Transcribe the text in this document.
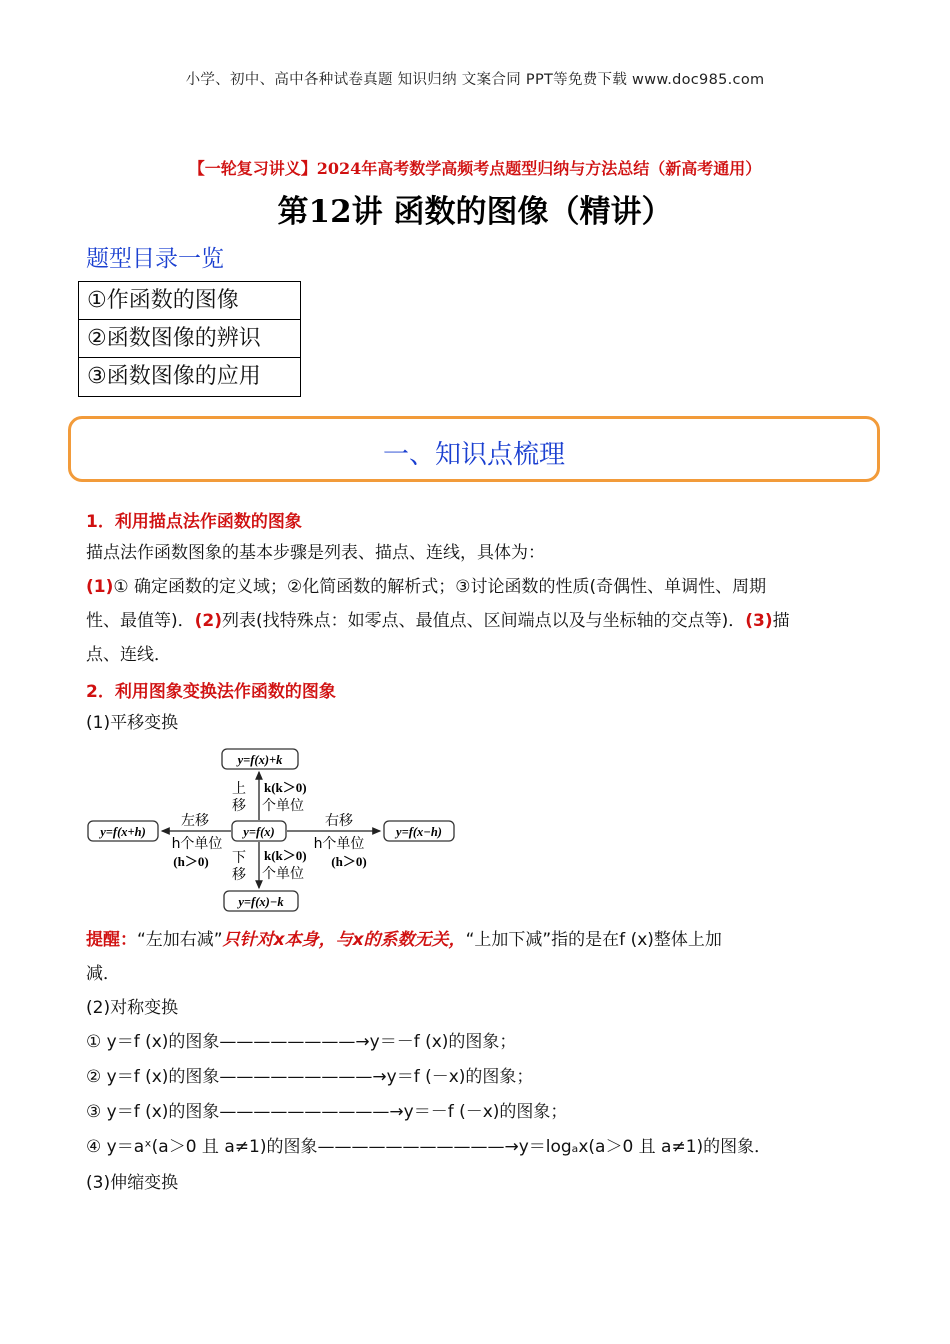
小学、初中、高中各种试卷真题 知识归纳 文案合同 PPT等免费下载 www.doc985.com
【一轮复习讲义】2024年高考数学高频考点题型归纳与方法总结（新高考通用）
第12讲 函数的图像（精讲）
题型目录一览
①作函数的图像
②函数图像的辨识
③函数图像的应用
一、知识点梳理
1．利用描点法作函数的图象
描点法作函数图象的基本步骤是列表、描点、连线，具体为：
(1)① 确定函数的定义域；②化简函数的解析式；③讨论函数的性质(奇偶性、单调性、周期
性、最值等)．(2)列表(找特殊点：如零点、最值点、区间端点以及与坐标轴的交点等)．(3)描
点、连线．
2．利用图象变换法作函数的图象
(1)平移变换
y=f(x)+k
y=f(x)
y=f(x+h)	y=f(x−h)
y=f(x)−k
上
移
k(k＞0)
个单位
下
移
k(k＞0)
个单位
左移
h个单位
(h＞0)
右移
h个单位
(h＞0)
提醒：“左加右减”只针对x本身，与x的系数无关，“上加下减”指的是在f (x)整体上加
减．
(2)对称变换
① y＝f (x)的图象————————→y＝－f (x)的图象；
② y＝f (x)的图象—————————→y＝f (－x)的图象；
③ y＝f (x)的图象——————————→y＝－f (－x)的图象；
④ y＝aˣ(a＞0 且 a≠1)的图象———————————→y＝logₐx(a＞0 且 a≠1)的图象．
(3)伸缩变换
